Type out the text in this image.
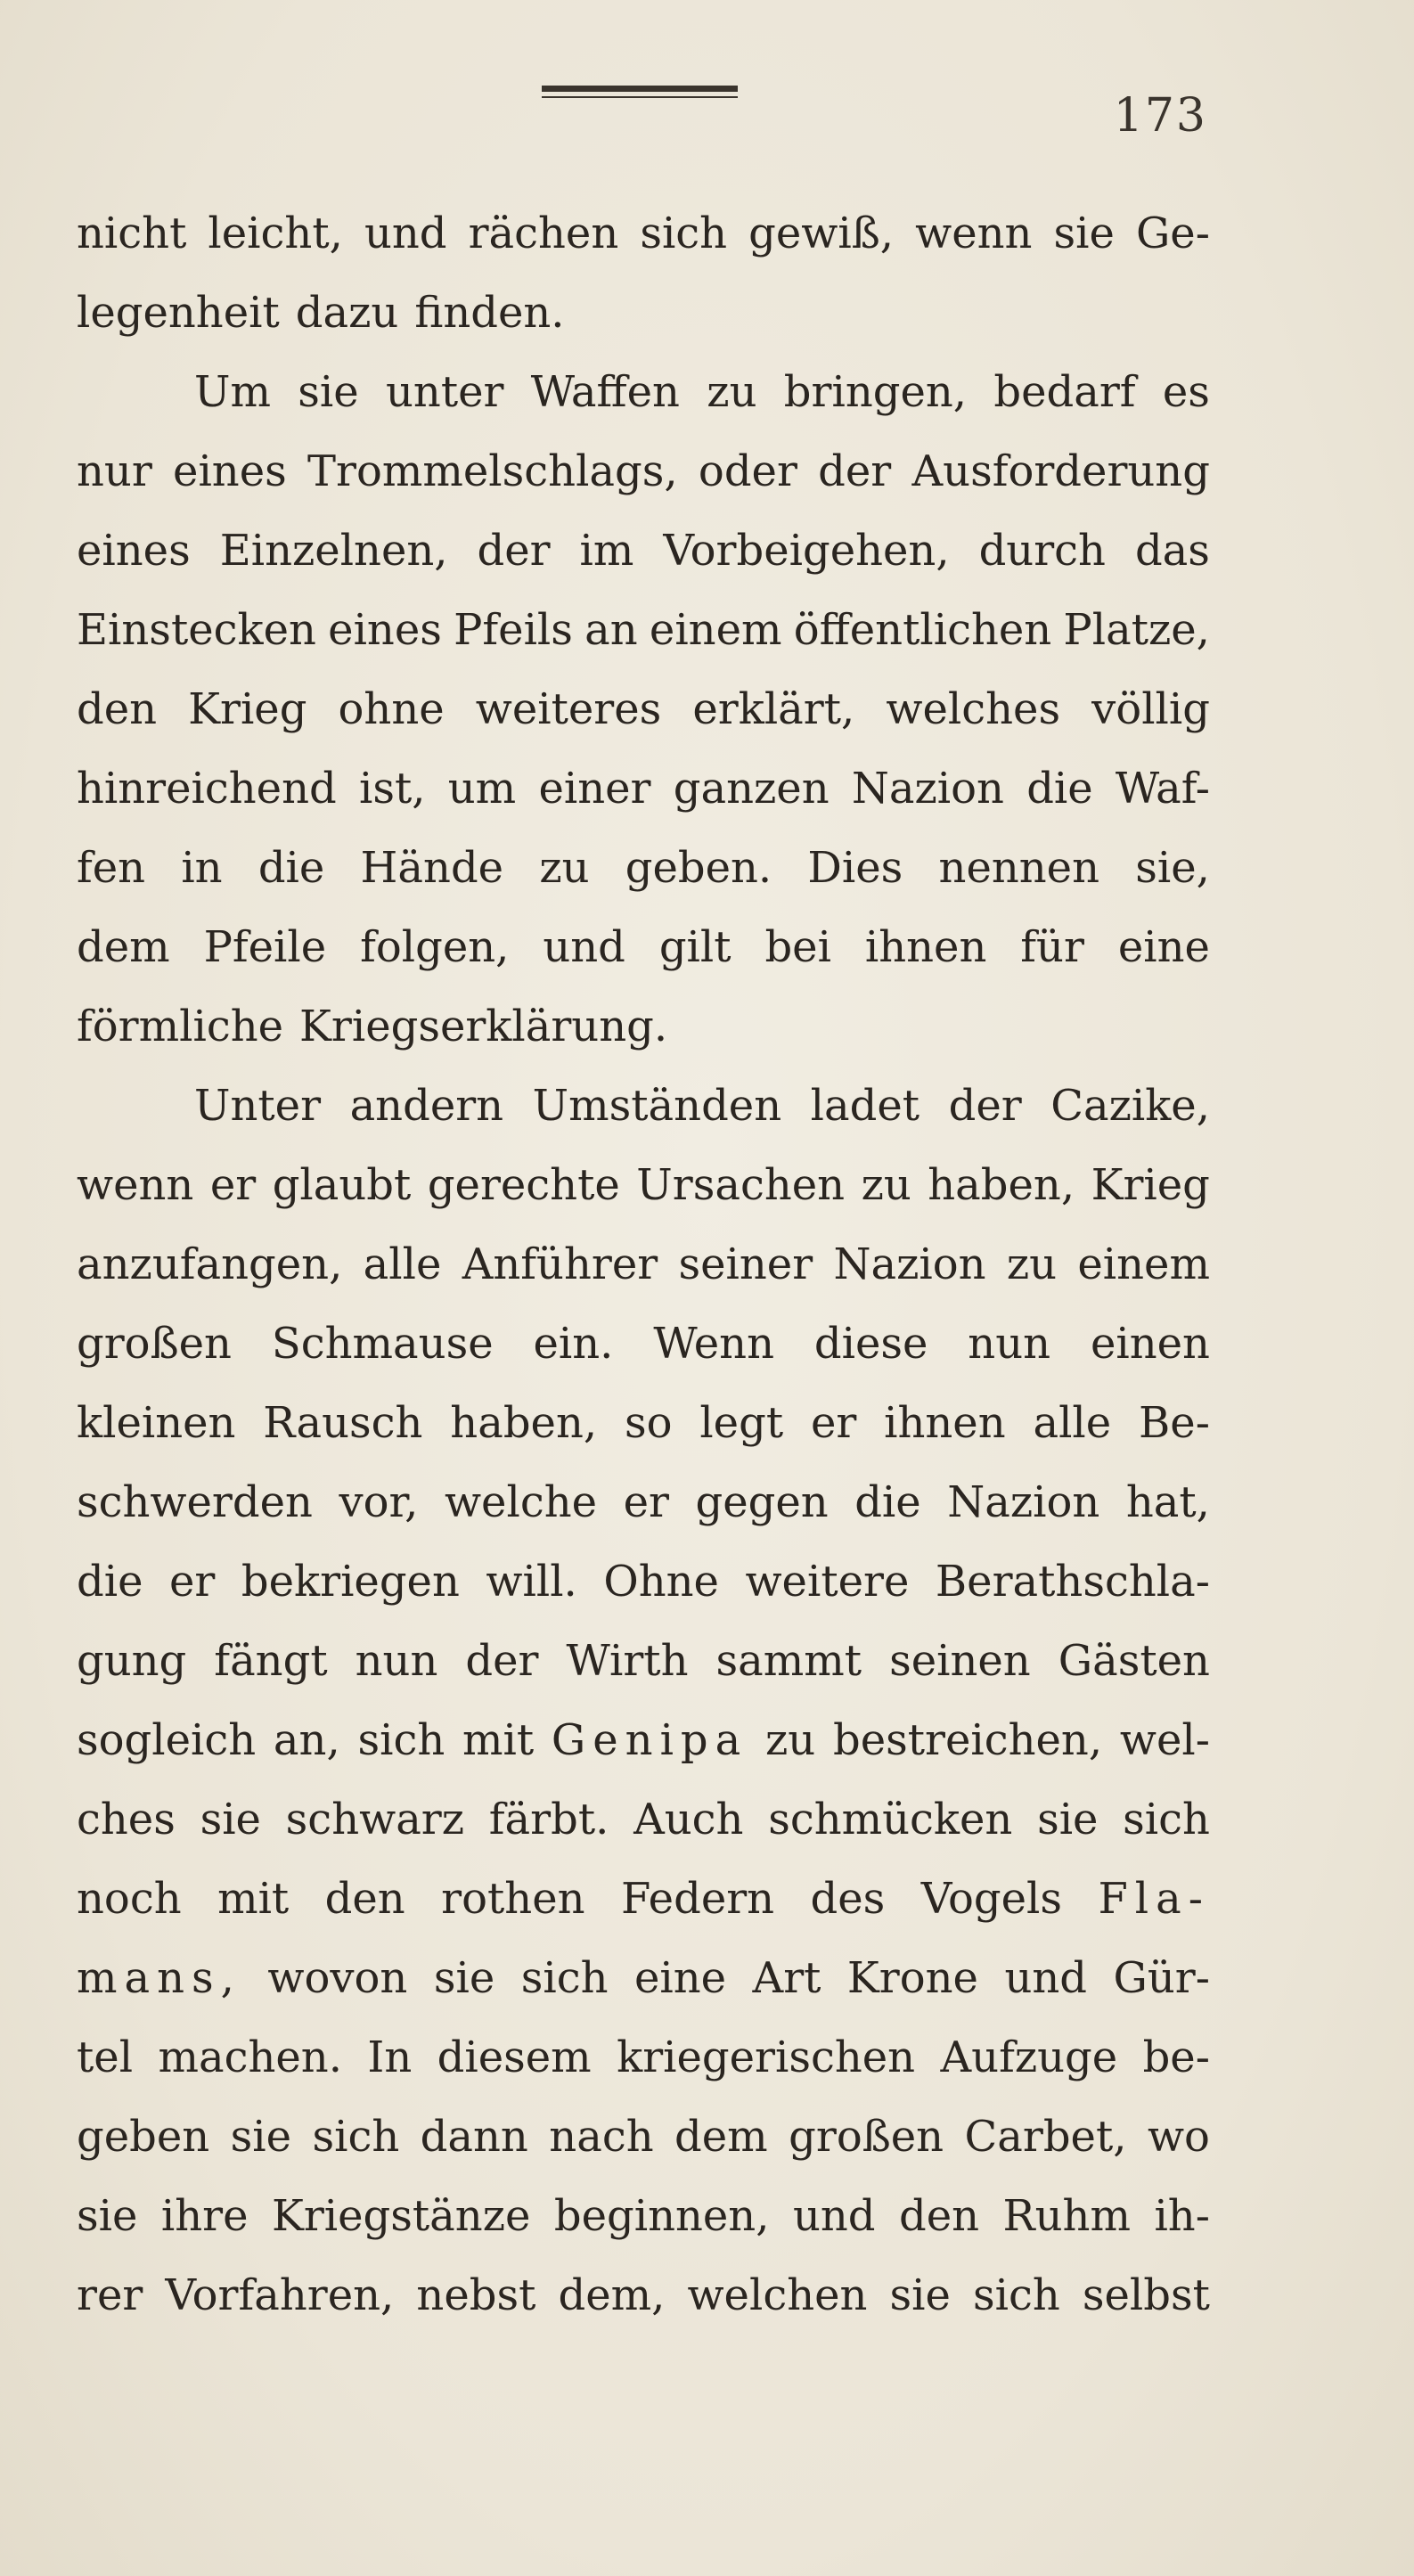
173
nicht leicht, und rächen sich gewiß, wenn sie Ge-
legenheit dazu finden.
Um sie unter Waffen zu bringen, bedarf es
nur eines Trommelschlags, oder der Ausforderung
eines Einzelnen, der im Vorbeigehen, durch das
Einstecken eines Pfeils an einem öffentlichen Platze,
den Krieg ohne weiteres erklärt, welches völlig
hinreichend ist, um einer ganzen Nazion die Waf-
fen in die Hände zu geben. Dies nennen sie,
dem Pfeile folgen, und gilt bei ihnen für eine
förmliche Kriegserklärung.
Unter andern Umständen ladet der Cazike,
wenn er glaubt gerechte Ursachen zu haben, Krieg
anzufangen, alle Anführer seiner Nazion zu einem
großen Schmause ein. Wenn diese nun einen
kleinen Rausch haben, so legt er ihnen alle Be-
schwerden vor, welche er gegen die Nazion hat,
die er bekriegen will. Ohne weitere Berathschla-
gung fängt nun der Wirth sammt seinen Gästen
sogleich an, sich mit Genipa zu bestreichen, wel-
ches sie schwarz färbt. Auch schmücken sie sich
noch mit den rothen Federn des Vogels Fla-
mans, wovon sie sich eine Art Krone und Gür-
tel machen. In diesem kriegerischen Aufzuge be-
geben sie sich dann nach dem großen Carbet, wo
sie ihre Kriegstänze beginnen, und den Ruhm ih-
rer Vorfahren, nebst dem, welchen sie sich selbst
